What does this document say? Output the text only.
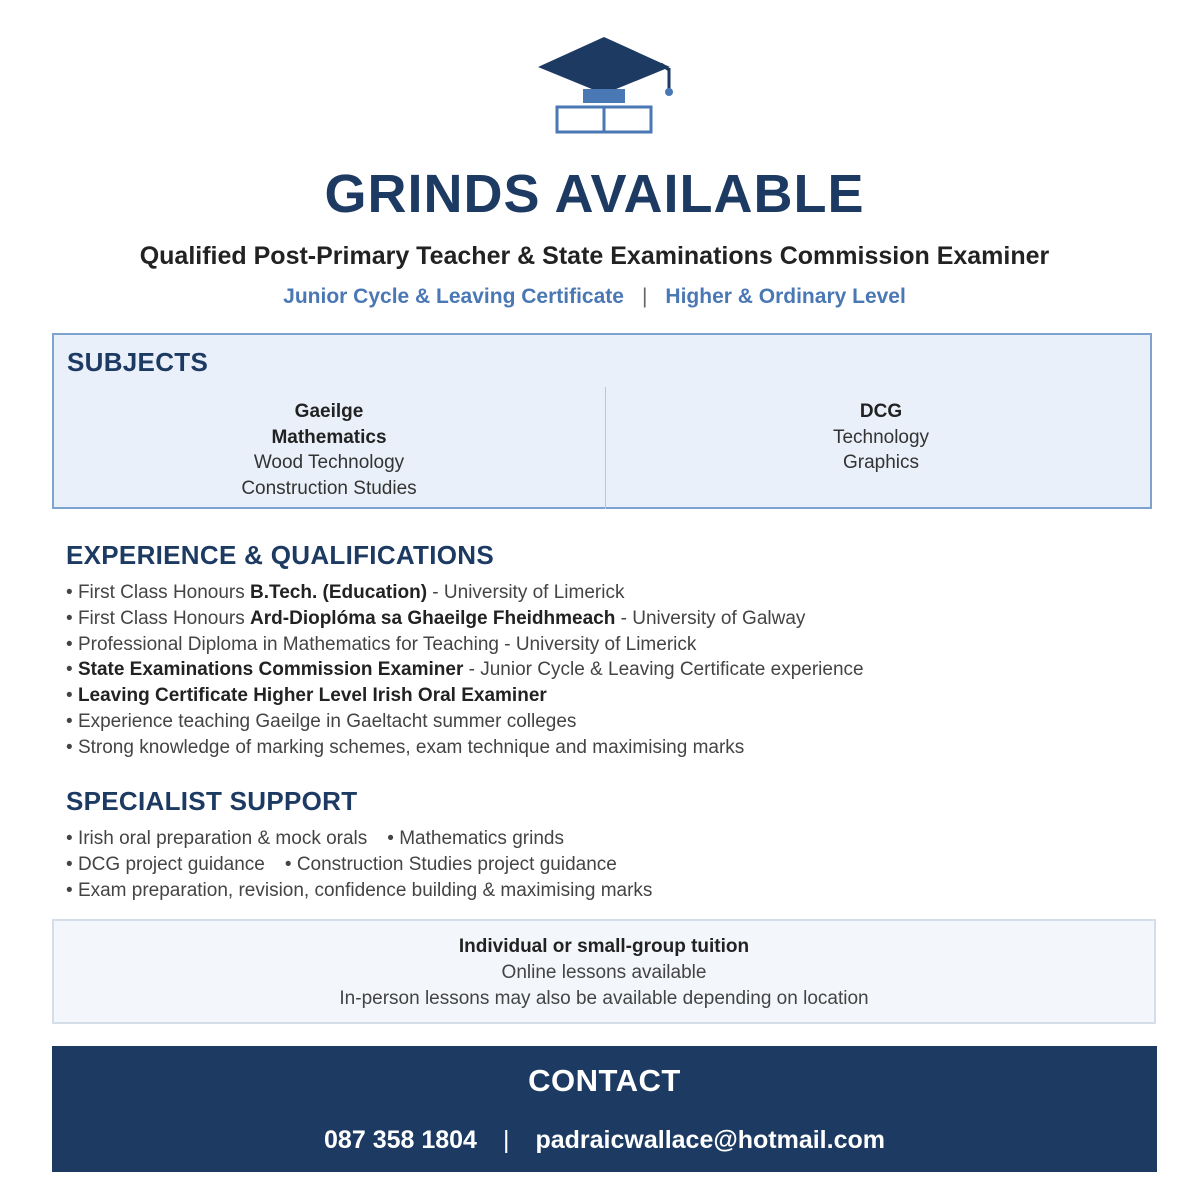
GRINDS AVAILABLE
Qualified Post-Primary Teacher & State Examinations Commission Examiner
Junior Cycle & Leaving Certificate | Higher & Ordinary Level
SUBJECTS
Gaeilge
Mathematics
Wood Technology
Construction Studies
DCG
Technology
Graphics
EXPERIENCE & QUALIFICATIONS
• First Class Honours B.Tech. (Education) - University of Limerick
• First Class Honours Ard-Dioplóma sa Ghaeilge Fheidhmeach - University of Galway
• Professional Diploma in Mathematics for Teaching - University of Limerick
• State Examinations Commission Examiner - Junior Cycle & Leaving Certificate experience
• Leaving Certificate Higher Level Irish Oral Examiner
• Experience teaching Gaeilge in Gaeltacht summer colleges
• Strong knowledge of marking schemes, exam technique and maximising marks
SPECIALIST SUPPORT
• Irish oral preparation & mock orals • Mathematics grinds
• DCG project guidance • Construction Studies project guidance
• Exam preparation, revision, confidence building & maximising marks
Individual or small-group tuition
Online lessons available
In-person lessons may also be available depending on location
CONTACT
087 358 1804 | padraicwallace@hotmail.com
